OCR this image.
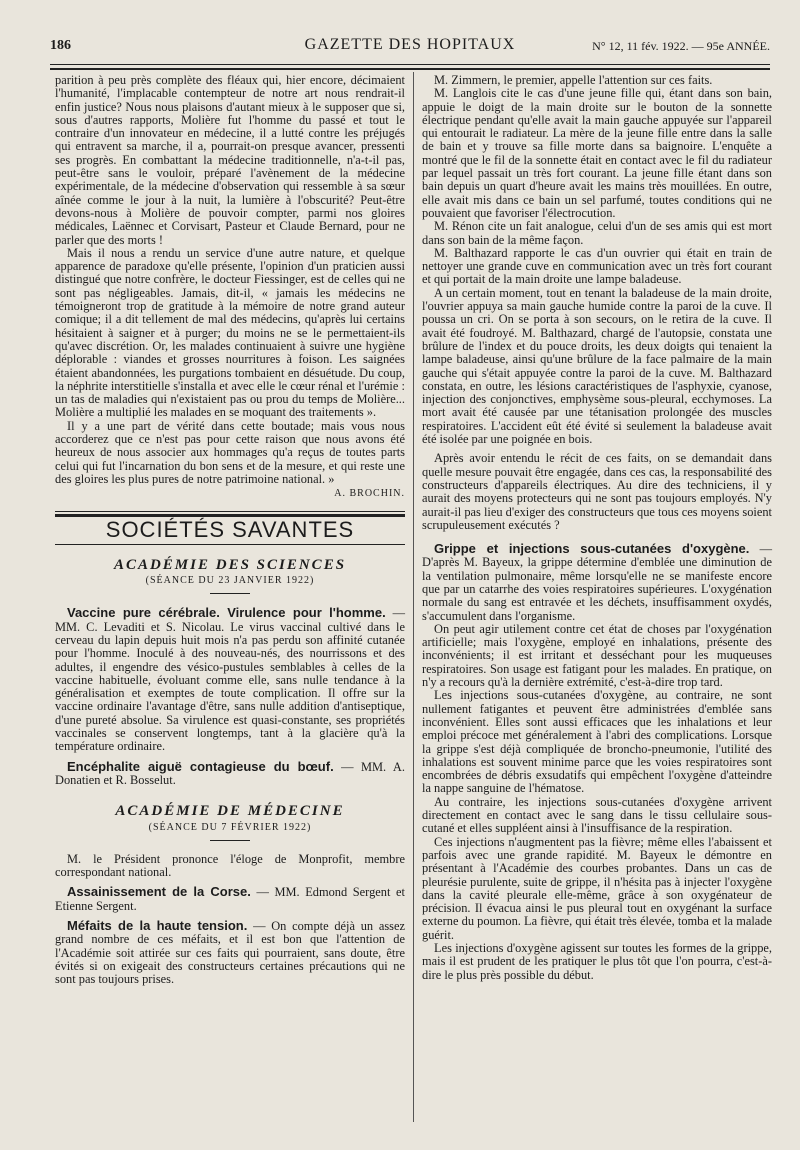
186	GAZETTE DES HOPITAUX	N° 12, 11 fév. 1922. — 95e ANNÉE.

parition à peu près complète des fléaux qui, hier encore, décimaient l'humanité, l'implacable contempteur de notre art nous rendrait-il enfin justice? Nous nous plaisons d'autant mieux à le supposer que si, sous d'autres rapports, Molière fut l'homme du passé et tout le contraire d'un innovateur en médecine, il a lutté contre les préjugés qui entravent sa marche, il a, pourrait-on presque avancer, pressenti ses progrès. En combattant la médecine traditionnelle, n'a-t-il pas, peut-être sans le vouloir, préparé l'avènement de la médecine expérimentale, de la médecine d'observation qui ressemble à sa sœur aînée comme le jour à la nuit, la lumière à l'obscurité? Peut-être devons-nous à Molière de pouvoir compter, parmi nos gloires médicales, Laënnec et Corvisart, Pasteur et Claude Bernard, pour ne parler que des morts !

Mais il nous a rendu un service d'une autre nature, et quelque apparence de paradoxe qu'elle présente, l'opinion d'un praticien aussi distingué que notre confrère, le docteur Fiessinger, est de celles qui ne sont pas négligeables. Jamais, dit-il, « jamais les médecins ne témoigneront trop de gratitude à la mémoire de notre grand auteur comique; il a dit tellement de mal des médecins, qu'après lui certains hésitaient à saigner et à purger; du moins ne se le permettaient-ils qu'avec discrétion. Or, les malades continuaient à suivre une hygiène déplorable : viandes et grosses nourritures à foison. Les saignées étaient abandonnées, les purgations tombaient en désuétude. Du coup, la néphrite interstitielle s'installa et avec elle le cœur rénal et l'urémie : un tas de maladies qui n'existaient pas ou prou du temps de Molière... Molière a multiplié les malades en se moquant des traitements ».

Il y a une part de vérité dans cette boutade; mais vous nous accorderez que ce n'est pas pour cette raison que nous avons été heureux de nous associer aux hommages qu'a reçus de toutes parts celui qui fut l'incarnation du bon sens et de la mesure, et qui reste une des gloires les plus pures de notre patrimoine national. »

A. BROCHIN.
SOCIÉTÉS SAVANTES
ACADÉMIE DES SCIENCES
(SÉANCE DU 23 JANVIER 1922)

Vaccine pure cérébrale. Virulence pour l'homme. — MM. C. Levaditi et S. Nicolau. Le virus vaccinal cultivé dans le cerveau du lapin depuis huit mois n'a pas perdu son affinité cutanée pour l'homme. Inoculé à des nouveau-nés, des nourrissons et des adultes, il engendre des vésico-pustules semblables à celles de la vaccine habituelle, évoluant comme elle, sans nulle tendance à la généralisation et exemptes de toute complication. Il offre sur la vaccine ordinaire l'avantage d'être, sans nulle addition d'antiseptique, d'une pureté absolue. Sa virulence est quasi-constante, ses propriétés vaccinales se conservent longtemps, tant à la glacière qu'à la température ordinaire.

Encéphalite aiguë contagieuse du bœuf. — MM. A. Donatien et R. Bosselut.

ACADÉMIE DE MÉDECINE
(SÉANCE DU 7 FÉVRIER 1922)

M. le Président prononce l'éloge de Monprofit, membre correspondant national.

Assainissement de la Corse. — MM. Edmond Sergent et Etienne Sergent.

Méfaits de la haute tension. — On compte déjà un assez grand nombre de ces méfaits, et il est bon que l'attention de l'Académie soit attirée sur ces faits qui pourraient, sans doute, être évités si on exigeait des constructeurs certaines précautions qui ne sont pas toujours prises.

M. Zimmern, le premier, appelle l'attention sur ces faits.

M. Langlois cite le cas d'une jeune fille qui, étant dans son bain, appuie le doigt de la main droite sur le bouton de la sonnette électrique pendant qu'elle avait la main gauche appuyée sur l'appareil qui entourait le radiateur. La mère de la jeune fille entre dans la salle de bain et y trouve sa fille morte dans sa baignoire. L'enquête a montré que le fil de la sonnette était en contact avec le fil du radiateur par lequel passait un très fort courant. La jeune fille étant dans son bain depuis un quart d'heure avait les mains très mouillées. En outre, elle avait mis dans ce bain un sel parfumé, toutes conditions qui ne pouvaient que favoriser l'électrocution.

M. Rénon cite un fait analogue, celui d'un de ses amis qui est mort dans son bain de la même façon.

M. Balthazard rapporte le cas d'un ouvrier qui était en train de nettoyer une grande cuve en communication avec un très fort courant et qui portait de la main droite une lampe baladeuse.

A un certain moment, tout en tenant la baladeuse de la main droite, l'ouvrier appuya sa main gauche humide contre la paroi de la cuve. Il poussa un cri. On se porta à son secours, on le retira de la cuve. Il avait été foudroyé. M. Balthazard, chargé de l'autopsie, constata une brûlure de l'index et du pouce droits, les deux doigts qui tenaient la lampe baladeuse, ainsi qu'une brûlure de la face palmaire de la main gauche qui s'était appuyée contre la paroi de la cuve. M. Balthazard constata, en outre, les lésions caractéristiques de l'asphyxie, cyanose, injection des conjonctives, emphysème sous-pleural, ecchymoses. La mort avait été causée par une tétanisation prolongée des muscles respiratoires. L'accident eût été évité si seulement la baladeuse avait été isolée par une poignée en bois.

Après avoir entendu le récit de ces faits, on se demandait dans quelle mesure pouvait être engagée, dans ces cas, la responsabilité des constructeurs d'appareils électriques. Au dire des techniciens, il y aurait des moyens protecteurs qui ne sont pas toujours employés. N'y aurait-il pas lieu d'exiger des constructeurs que tous ces moyens soient scrupuleusement exécutés ?

Grippe et injections sous-cutanées d'oxygène. — D'après M. Bayeux, la grippe détermine d'emblée une diminution de la ventilation pulmonaire, même lorsqu'elle ne se manifeste encore que par un catarrhe des voies respiratoires supérieures. L'oxygénation normale du sang est entravée et les déchets, insuffisamment oxydés, s'accumulent dans l'organisme.

On peut agir utilement contre cet état de choses par l'oxygénation artificielle; mais l'oxygène, employé en inhalations, présente des inconvénients; il est irritant et desséchant pour les muqueuses respiratoires. Son usage est fatigant pour les malades. En pratique, on n'y a recours qu'à la dernière extrémité, c'est-à-dire trop tard.

Les injections sous-cutanées d'oxygène, au contraire, ne sont nullement fatigantes et peuvent être administrées d'emblée sans inconvénient. Elles sont aussi efficaces que les inhalations et leur emploi précoce met généralement à l'abri des complications. Lorsque la grippe s'est déjà compliquée de broncho-pneumonie, l'utilité des inhalations est souvent minime parce que les voies respiratoires sont encombrées de débris exsudatifs qui empêchent l'oxygène d'atteindre la nappe sanguine de l'hématose.

Au contraire, les injections sous-cutanées d'oxygène arrivent directement en contact avec le sang dans le tissu cellulaire sous-cutané et elles suppléent ainsi à l'insuffisance de la respiration.

Ces injections n'augmentent pas la fièvre; même elles l'abaissent et parfois avec une grande rapidité. M. Bayeux le démontre en présentant à l'Académie des courbes probantes. Dans un cas de pleurésie purulente, suite de grippe, il n'hésita pas à injecter l'oxygène dans la cavité pleurale elle-même, grâce à son oxygénateur de précision. Il évacua ainsi le pus pleural tout en oxygénant la surface externe du poumon. La fièvre, qui était très élevée, tomba et la malade guérit.

Les injections d'oxygène agissent sur toutes les formes de la grippe, mais il est prudent de les pratiquer le plus tôt que l'on pourra, c'est-à-dire le plus près possible du début.
